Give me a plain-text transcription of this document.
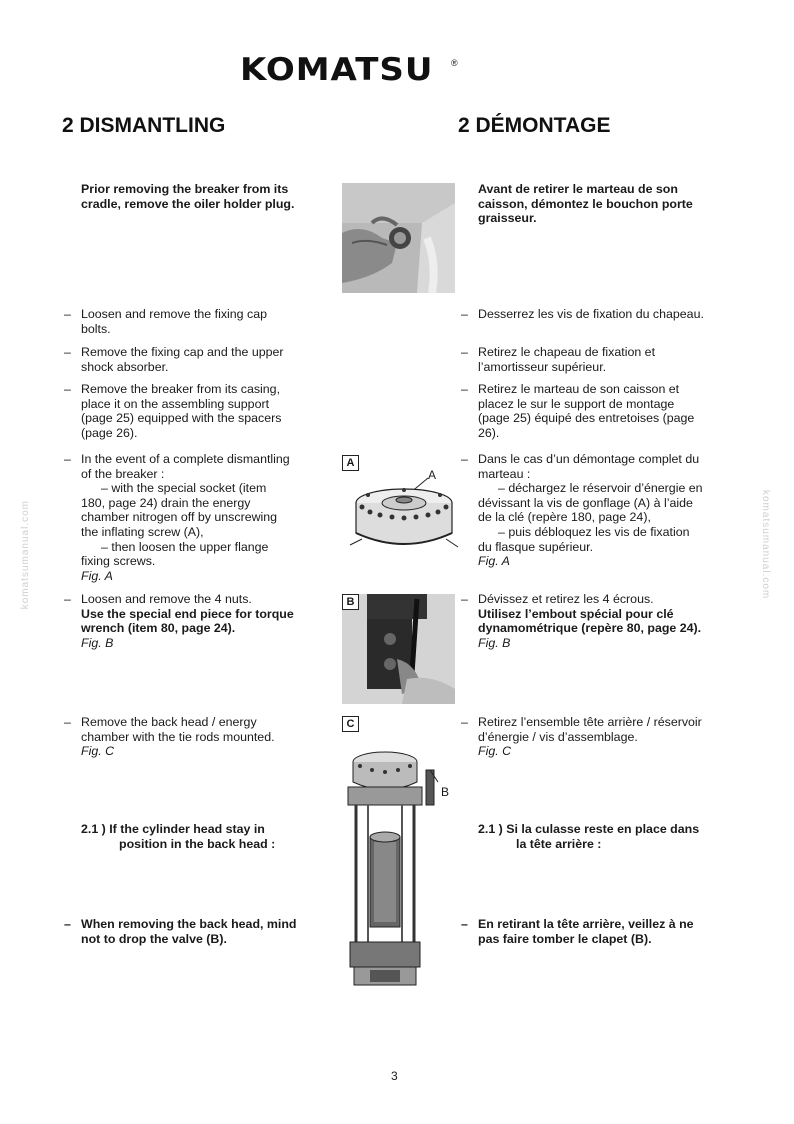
KOMATSU ®
2 DISMANTLING	2 DÉMONTAGE
komatsumanual.com	komatsumanual.com
Prior removing the breaker from its
cradle, remove the oiler holder plug.
– Loosen and remove the fixing cap
bolts.
– Remove the fixing cap and the upper
shock absorber.
– Remove the breaker from its casing,
place it on the assembling support
(page 25) equipped with the spacers
(page 26).
– In the event of a complete dismantling
of the breaker :
– with the special socket (item
180, page 24) drain the energy
chamber nitrogen off by unscrewing
the inflating screw (A),
– then loosen the upper flange
fixing screws.
Fig. A
– Loosen and remove the 4 nuts.
Use the special end piece for torque
wrench (item 80, page 24).
Fig. B
– Remove the back head / energy
chamber with the tie rods mounted.
Fig. C
2.1 ) If the cylinder head stay in
position in the back head :
– When removing the back head, mind
not to drop the valve (B).
Avant de retirer le marteau de son
caisson, démontez le bouchon porte
graisseur.
– Desserrez les vis de fixation du chapeau.
– Retirez le chapeau de fixation et
l’amortisseur supérieur.
– Retirez le marteau de son caisson et
placez le sur le support de montage
(page 25) équipé des entretoises (page
26).
– Dans le cas d’un démontage complet du
marteau :
– déchargez le réservoir d’énergie en
dévissant la vis de gonflage (A) à l’aide
de la clé (repère 180, page 24),
– puis débloquez les vis de fixation
du flasque supérieur.
Fig. A
– Dévissez et retirez les 4 écrous.
Utilisez l’embout spécial pour clé
dynamométrique (repère 80, page 24).
Fig. B
– Retirez l’ensemble tête arrière / réservoir
d’énergie / vis d’assemblage.
Fig. C
2.1 ) Si la culasse reste en place dans
la tête arrière :
– En retirant la tête arrière, veillez à ne
pas faire tomber le clapet (B).
A
A
B
C
B
3
